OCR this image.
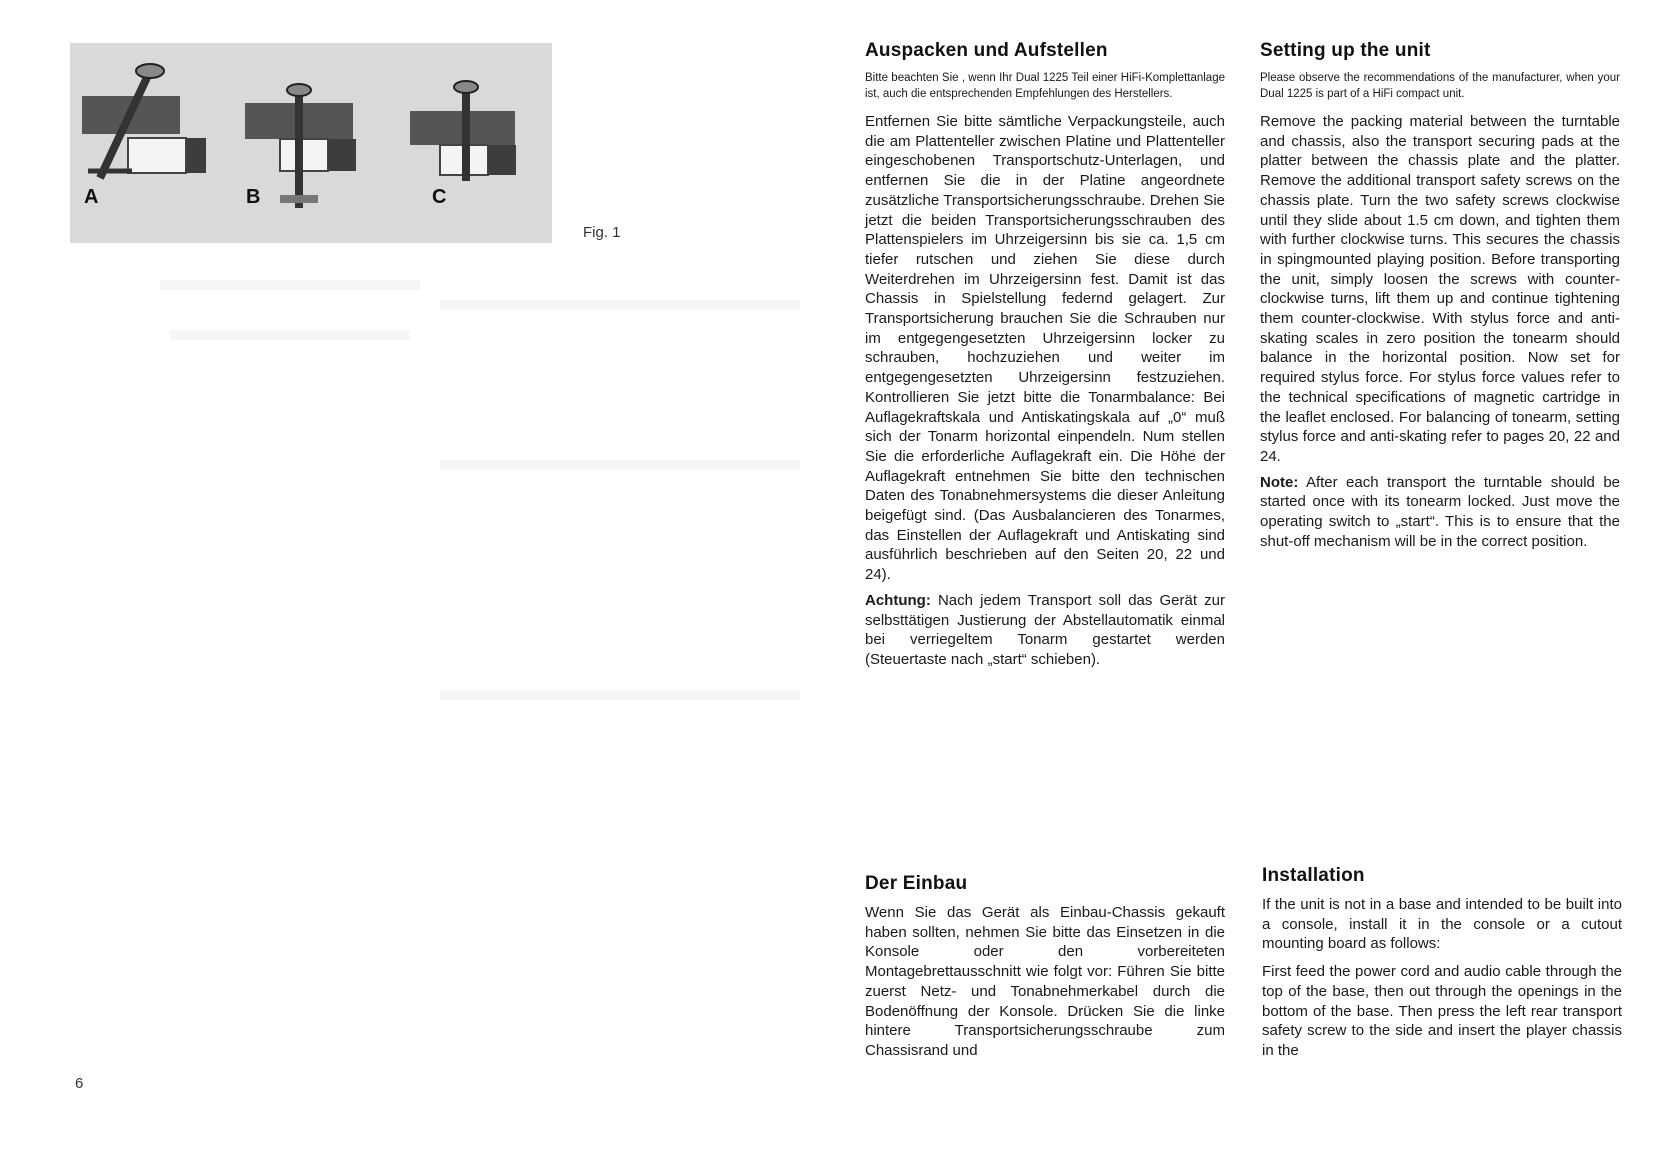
A	B	C
Fig. 1
Auspacken und Aufstellen

Bitte beachten Sie , wenn Ihr Dual 1225 Teil einer HiFi-Komplettanlage ist, auch die entsprechenden Empfehlungen des Herstellers.

Entfernen Sie bitte sämtliche Verpackungsteile, auch die am Plattenteller zwischen Platine und Plattenteller eingeschobenen Transportschutz-Unterlagen, und entfernen Sie die in der Platine angeordnete zusätzliche Transportsicherungsschraube. Drehen Sie jetzt die beiden Transportsicherungsschrauben des Plattenspielers im Uhrzeigersinn bis sie ca. 1,5 cm tiefer rutschen und ziehen Sie diese durch Weiterdrehen im Uhrzeigersinn fest. Damit ist das Chassis in Spielstellung federnd gelagert. Zur Transportsicherung brauchen Sie die Schrauben nur im entgegengesetzten Uhrzeigersinn locker zu schrauben, hochzuziehen und weiter im entgegengesetzten Uhrzeigersinn festzuziehen. Kontrollieren Sie jetzt bitte die Tonarmbalance: Bei Auflagekraftskala und Antiskatingskala auf „0“ muß sich der Tonarm horizontal einpendeln. Num stellen Sie die erforderliche Auflagekraft ein. Die Höhe der Auflagekraft entnehmen Sie bitte den technischen Daten des Tonabnehmersystems die dieser Anleitung beigefügt sind. (Das Ausbalancieren des Tonarmes, das Einstellen der Auflagekraft und Antiskating sind ausführlich beschrieben auf den Seiten 20, 22 und 24).

Achtung: Nach jedem Transport soll das Gerät zur selbsttätigen Justierung der Abstellautomatik einmal bei verriegeltem Tonarm gestartet werden (Steuertaste nach „start“ schieben).

Setting up the unit

Please observe the recommendations of the manufacturer, when your Dual 1225 is part of a HiFi compact unit.

Remove the packing material between the turntable and chassis, also the transport securing pads at the platter between the chassis plate and the platter. Remove the additional transport safety screws on the chassis plate. Turn the two safety screws clockwise until they slide about 1.5 cm down, and tighten them with further clockwise turns. This secures the chassis in spingmounted playing position. Before transporting the unit, simply loosen the screws with counter-clockwise turns, lift them up and continue tightening them counter-clockwise. With stylus force and anti-skating scales in zero position the tonearm should balance in the horizontal position. Now set for required stylus force. For stylus force values refer to the technical specifications of magnetic cartridge in the leaflet enclosed. For balancing of tonearm, setting stylus force and anti-skating refer to pages 20, 22 and 24.

Note: After each transport the turntable should be started once with its tonearm locked. Just move the operating switch to „start“. This is to ensure that the shut-off mechanism will be in the correct position.

Der Einbau

Wenn Sie das Gerät als Einbau-Chassis gekauft haben sollten, nehmen Sie bitte das Einsetzen in die Konsole oder den vorbereiteten Montagebrettausschnitt wie folgt vor: Führen Sie bitte zuerst Netz- und Tonabnehmerkabel durch die Bodenöffnung der Konsole. Drücken Sie die linke hintere Transportsicherungsschraube zum Chassisrand und

Installation

If the unit is not in a base and intended to be built into a console, install it in the console or a cutout mounting board as follows:

First feed the power cord and audio cable through the top of the base, then out through the openings in the bottom of the base. Then press the left rear transport safety screw to the side and insert the player chassis in the

6
